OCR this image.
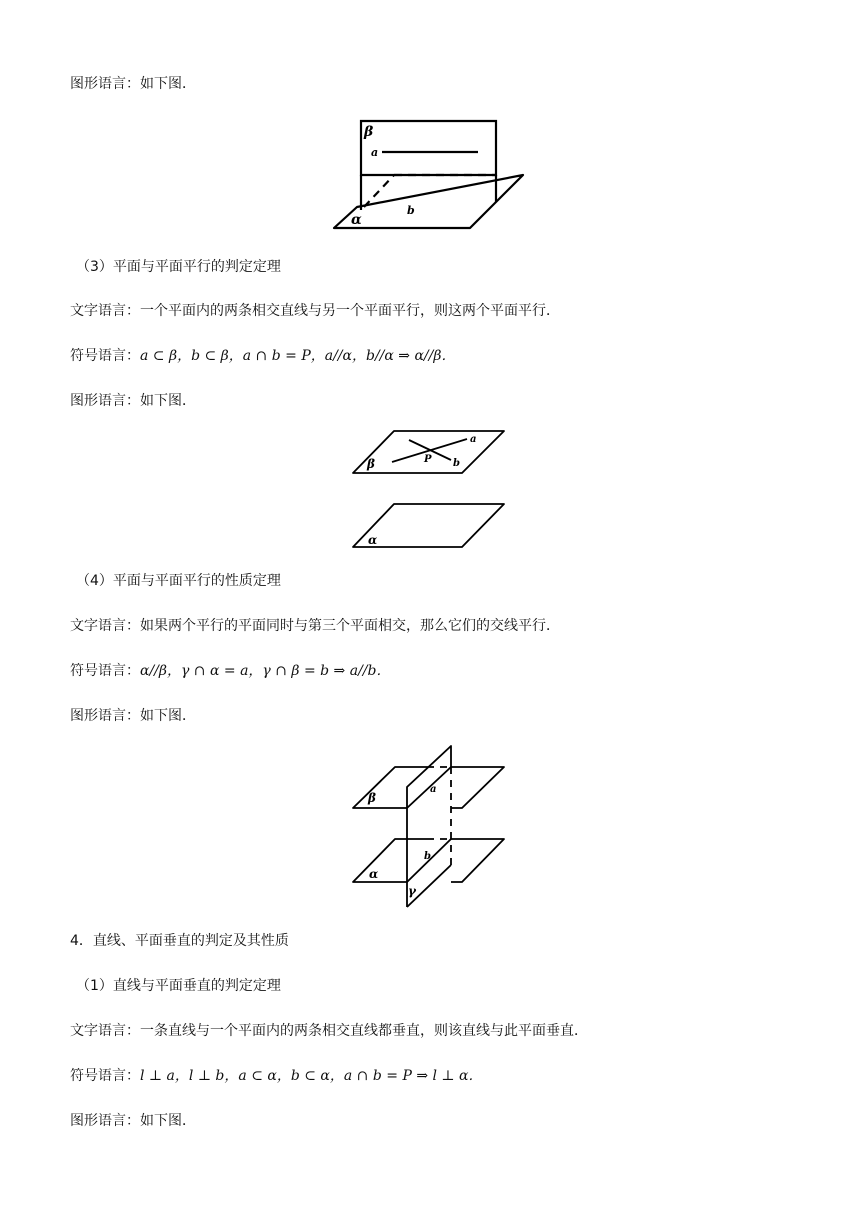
图形语言：如下图．
β
a
α
b
（3）平面与平面平行的判定定理
文字语言：一个平面内的两条相交直线与另一个平面平行，则这两个平面平行．
符号语言：a ⊂ β，b ⊂ β，a ∩ b = P，a//α，b//α ⇒ α//β．
图形语言：如下图．
a
β	P b
α
（4）平面与平面平行的性质定理
文字语言：如果两个平行的平面同时与第三个平面相交，那么它们的交线平行．
符号语言：α//β，γ ∩ α = a，γ ∩ β = b ⇒ a//b．
图形语言：如下图．
β
a
b
α
γ
4．直线、平面垂直的判定及其性质
（1）直线与平面垂直的判定定理
文字语言：一条直线与一个平面内的两条相交直线都垂直，则该直线与此平面垂直．
符号语言：l ⊥ a，l ⊥ b，a ⊂ α，b ⊂ α，a ∩ b = P ⇒ l ⊥ α．
图形语言：如下图．
